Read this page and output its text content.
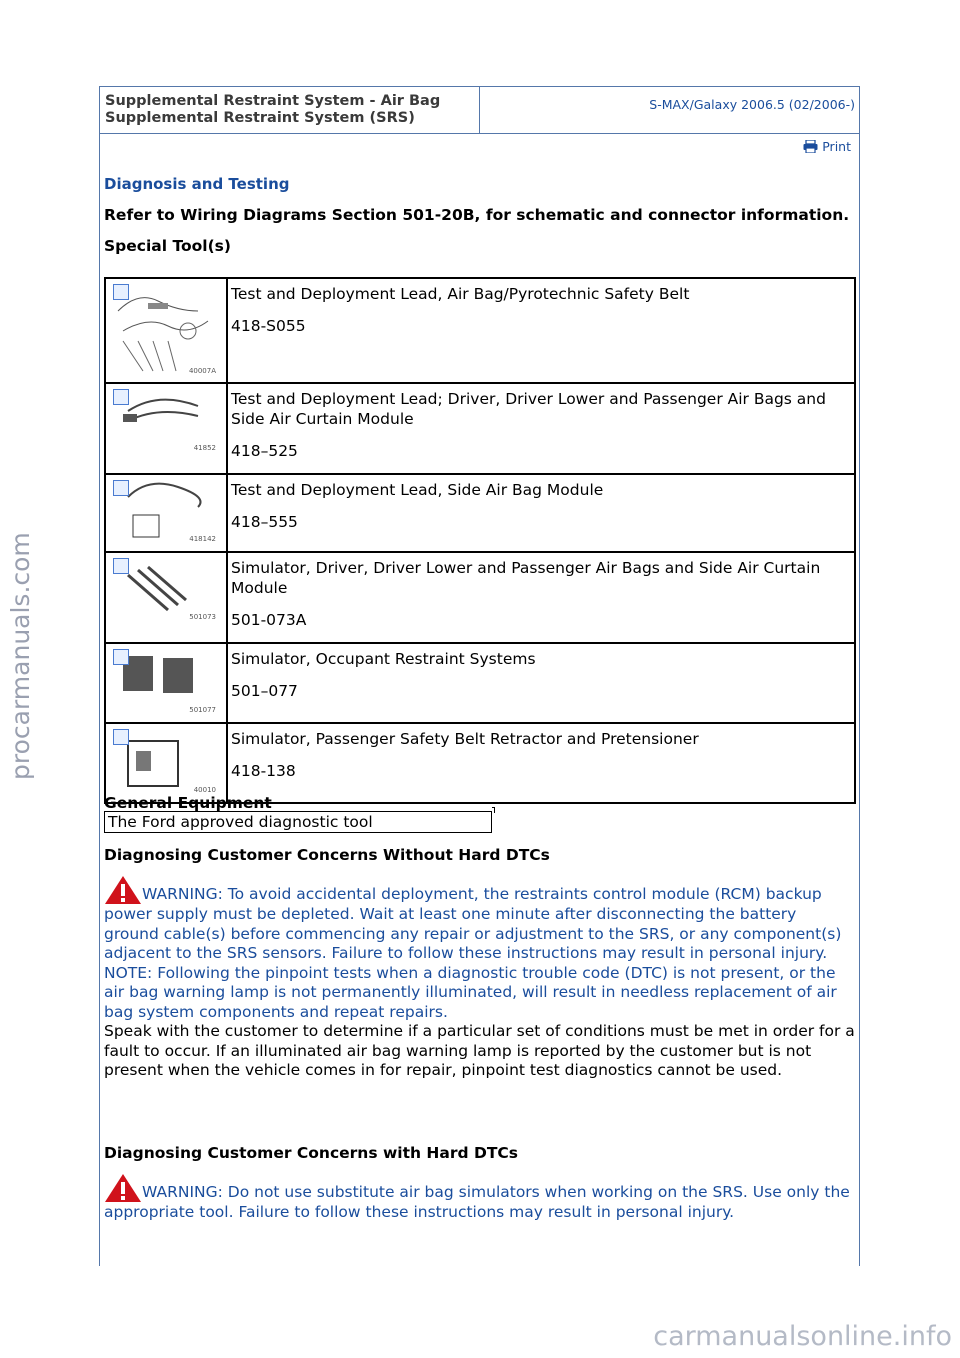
Supplemental Restraint System - Air Bag
Supplemental Restraint System (SRS)
S-MAX/Galaxy 2006.5 (02/2006-)
Print

Diagnosis and Testing

Refer to Wiring Diagrams Section 501-20B, for schematic and connector information.

Special Tool(s)

40007A	Test and Deployment Lead, Air Bag/Pyrotechnic Safety Belt

418-S055

41852	Test and Deployment Lead; Driver, Driver Lower and Passenger Air Bags and Side Air Curtain Module

418–525

418142	Test and Deployment Lead, Side Air Bag Module

418–555

501073	Simulator, Driver, Driver Lower and Passenger Air Bags and Side Air Curtain Module

501-073A

501077	Simulator, Occupant Restraint Systems

501–077

40010	Simulator, Passenger Safety Belt Retractor and Pretensioner

418-138

General Equipment
The Ford approved diagnostic tool

Diagnosing Customer Concerns Without Hard DTCs

WARNING: To avoid accidental deployment, the restraints control module (RCM) backup power supply must be depleted. Wait at least one minute after disconnecting the battery ground cable(s) before commencing any repair or adjustment to the SRS, or any component(s) adjacent to the SRS sensors. Failure to follow these instructions may result in personal injury.
NOTE: Following the pinpoint tests when a diagnostic trouble code (DTC) is not present, or the air bag warning lamp is not permanently illuminated, will result in needless replacement of air bag system components and repeat repairs.
Speak with the customer to determine if a particular set of conditions must be met in order for a fault to occur. If an illuminated air bag warning lamp is reported by the customer but is not present when the vehicle comes in for repair, pinpoint test diagnostics cannot be used.

Diagnosing Customer Concerns with Hard DTCs

WARNING: Do not use substitute air bag simulators when working on the SRS. Use only the appropriate tool. Failure to follow these instructions may result in personal injury.
procarmanuals.com
carmanualsonline.info
